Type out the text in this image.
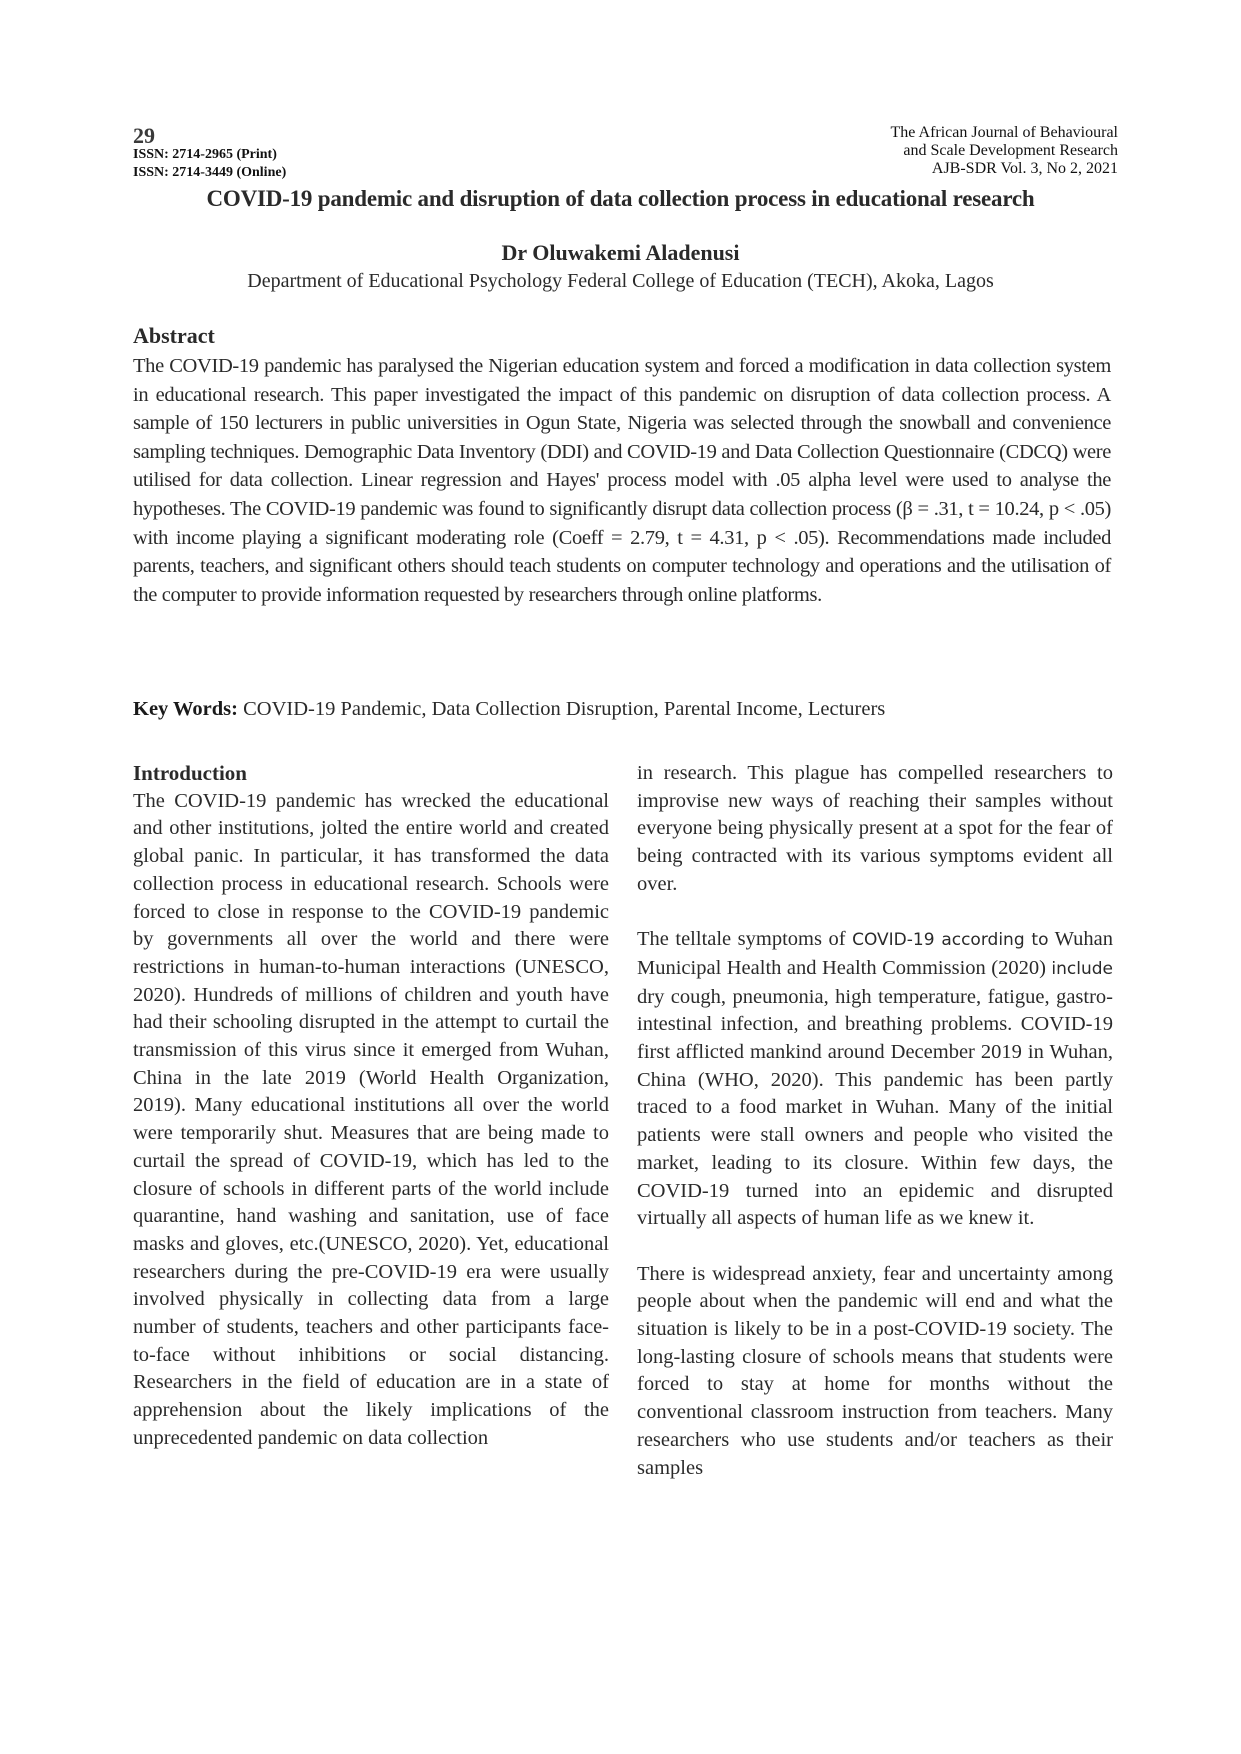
29
ISSN: 2714-2965 (Print)
ISSN: 2714-3449 (Online)
The African Journal of Behavioural
and Scale Development Research
AJB-SDR Vol. 3, No 2, 2021
COVID-19 pandemic and disruption of data collection process in educational research
Dr Oluwakemi Aladenusi
Department of Educational Psychology Federal College of Education (TECH), Akoka, Lagos
Abstract

The COVID-19 pandemic has paralysed the Nigerian education system and forced a modification in data collection system in educational research. This paper investigated the impact of this pandemic on disruption of data collection process. A sample of 150 lecturers in public universities in Ogun State, Nigeria was selected through the snowball and convenience sampling techniques. Demographic Data Inventory (DDI) and COVID-19 and Data Collection Questionnaire (CDCQ) were utilised for data collection. Linear regression and Hayes' process model with .05 alpha level were used to analyse the hypotheses. The COVID-19 pandemic was found to significantly disrupt data collection process (β = .31, t = 10.24, p < .05) with income playing a significant moderating role (Coeff = 2.79, t = 4.31, p < .05). Recommendations made included parents, teachers, and significant others should teach students on computer technology and operations and the utilisation of the computer to provide information requested by researchers through online platforms.

Key Words: COVID-19 Pandemic, Data Collection Disruption, Parental Income, Lecturers
Introduction

The COVID-19 pandemic has wrecked the educational and other institutions, jolted the entire world and created global panic. In particular, it has transformed the data collection process in educational research. Schools were forced to close in response to the COVID-19 pandemic by governments all over the world and there were restrictions in human-to-human interactions (UNESCO, 2020). Hundreds of millions of children and youth have had their schooling disrupted in the attempt to curtail the transmission of this virus since it emerged from Wuhan, China in the late 2019 (World Health Organization, 2019). Many educational institutions all over the world were temporarily shut. Measures that are being made to curtail the spread of COVID-19, which has led to the closure of schools in different parts of the world include quarantine, hand washing and sanitation, use of face masks and gloves, etc.(UNESCO, 2020). Yet, educational researchers during the pre-COVID-19 era were usually involved physically in collecting data from a large number of students, teachers and other participants face-to-face without inhibitions or social distancing. Researchers in the field of education are in a state of apprehension about the likely implications of the unprecedented pandemic on data collection

in research. This plague has compelled researchers to improvise new ways of reaching their samples without everyone being physically present at a spot for the fear of being contracted with its various symptoms evident all over.

The telltale symptoms of COVID-19 according to Wuhan Municipal Health and Health Commission (2020) include dry cough, pneumonia, high temperature, fatigue, gastro-intestinal infection, and breathing problems. COVID-19 first afflicted mankind around December 2019 in Wuhan, China (WHO, 2020). This pandemic has been partly traced to a food market in Wuhan. Many of the initial patients were stall owners and people who visited the market, leading to its closure. Within few days, the COVID-19 turned into an epidemic and disrupted virtually all aspects of human life as we knew it.

There is widespread anxiety, fear and uncertainty among people about when the pandemic will end and what the situation is likely to be in a post-COVID-19 society. The long-lasting closure of schools means that students were forced to stay at home for months without the conventional classroom instruction from teachers. Many researchers who use students and/or teachers as their samples
